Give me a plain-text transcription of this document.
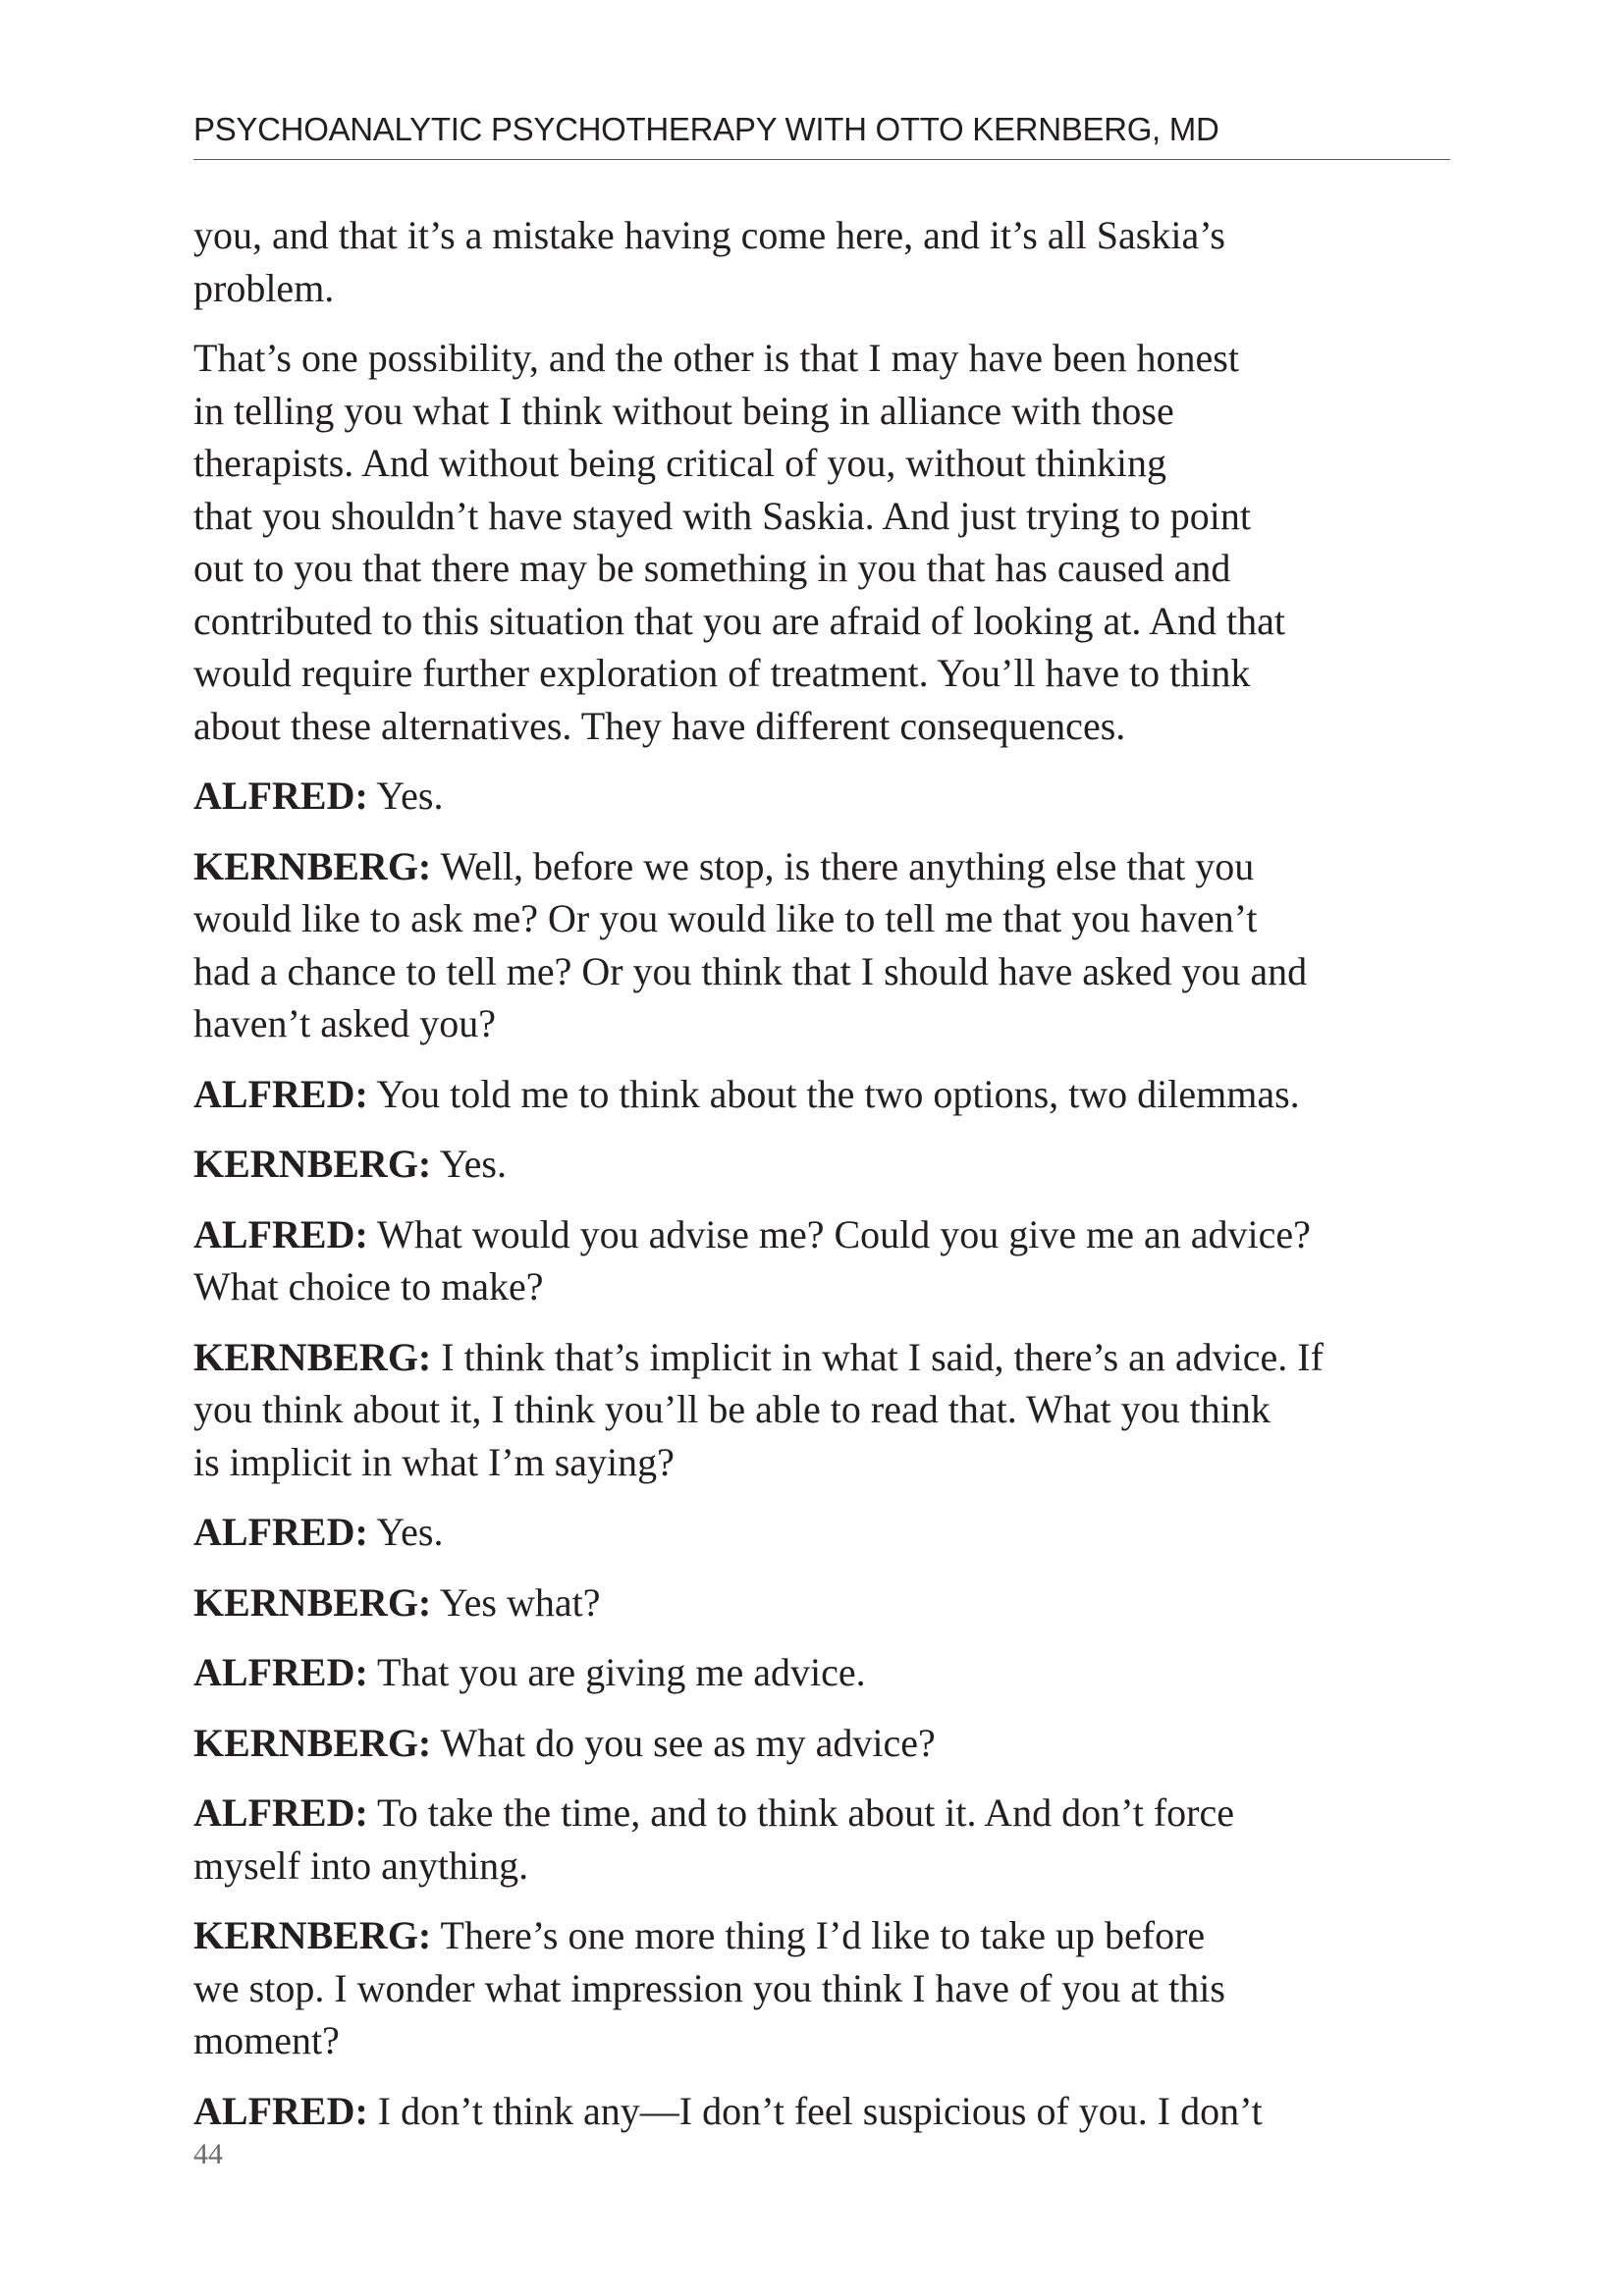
PSYCHOANALYTIC PSYCHOTHERAPY WITH OTTO KERNBERG, MD

you, and that it’s a mistake having come here, and it’s all Saskia’s
problem.

That’s one possibility, and the other is that I may have been honest
in telling you what I think without being in alliance with those
therapists. And without being critical of you, without thinking
that you shouldn’t have stayed with Saskia. And just trying to point
out to you that there may be something in you that has caused and
contributed to this situation that you are afraid of looking at. And that
would require further exploration of treatment. You’ll have to think
about these alternatives. They have different consequences.

ALFRED: Yes.

KERNBERG: Well, before we stop, is there anything else that you
would like to ask me? Or you would like to tell me that you haven’t
had a chance to tell me? Or you think that I should have asked you and
haven’t asked you?

ALFRED: You told me to think about the two options, two dilemmas.

KERNBERG: Yes.

ALFRED: What would you advise me? Could you give me an advice?
What choice to make?

KERNBERG: I think that’s implicit in what I said, there’s an advice. If
you think about it, I think you’ll be able to read that. What you think
is implicit in what I’m saying?

ALFRED: Yes.

KERNBERG: Yes what?

ALFRED: That you are giving me advice.

KERNBERG: What do you see as my advice?

ALFRED: To take the time, and to think about it. And don’t force
myself into anything.

KERNBERG: There’s one more thing I’d like to take up before
we stop. I wonder what impression you think I have of you at this
moment?

ALFRED: I don’t think any—I don’t feel suspicious of you. I don’t

44
